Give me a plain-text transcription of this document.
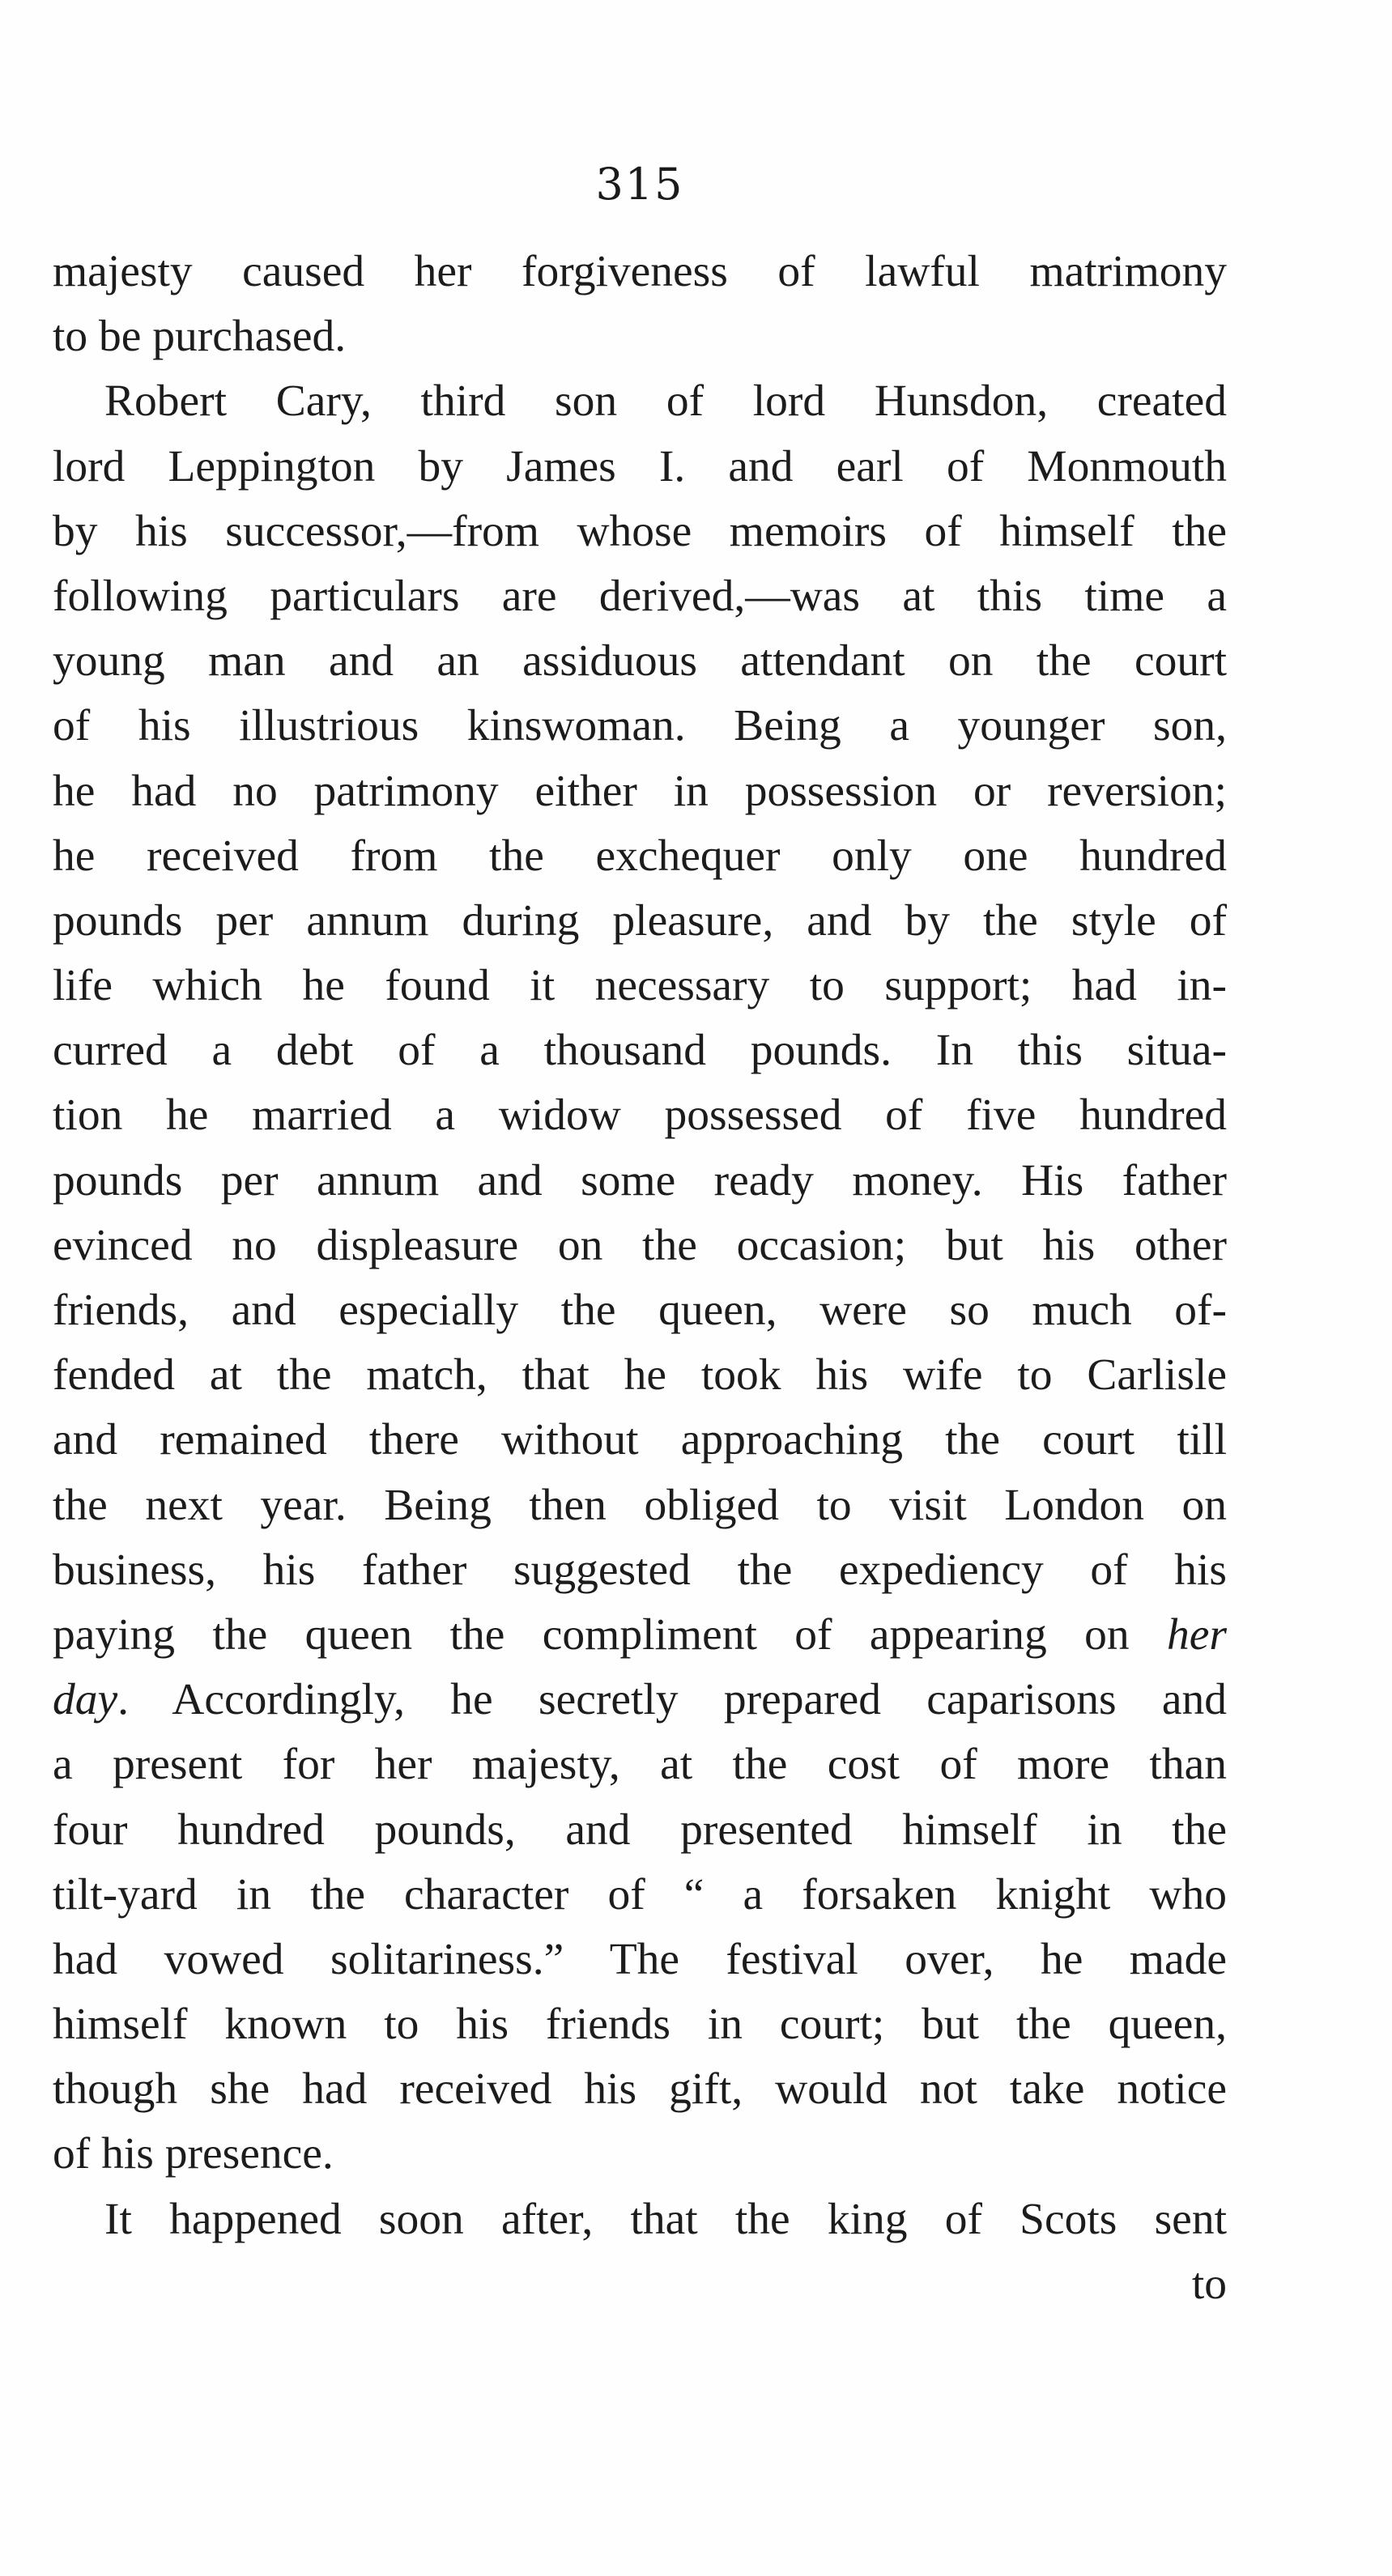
315
majesty caused her forgiveness of lawful matrimony
to be purchased.
Robert Cary, third son of lord Hunsdon, created
lord Leppington by James I. and earl of Monmouth
by his successor,—from whose memoirs of himself the
following particulars are derived,—was at this time a
young man and an assiduous attendant on the court
of his illustrious kinswoman. Being a younger son,
he had no patrimony either in possession or reversion;
he received from the exchequer only one hundred
pounds per annum during pleasure, and by the style of
life which he found it necessary to support; had in-
curred a debt of a thousand pounds. In this situa-
tion he married a widow possessed of five hundred
pounds per annum and some ready money. His father
evinced no displeasure on the occasion; but his other
friends, and especially the queen, were so much of-
fended at the match, that he took his wife to Carlisle
and remained there without approaching the court till
the next year. Being then obliged to visit London on
business, his father suggested the expediency of his
paying the queen the compliment of appearing on her
day. Accordingly, he secretly prepared caparisons and
a present for her majesty, at the cost of more than
four hundred pounds, and presented himself in the
tilt-yard in the character of “ a forsaken knight who
had vowed solitariness.” The festival over, he made
himself known to his friends in court; but the queen,
though she had received his gift, would not take notice
of his presence.
It happened soon after, that the king of Scots sent
to
